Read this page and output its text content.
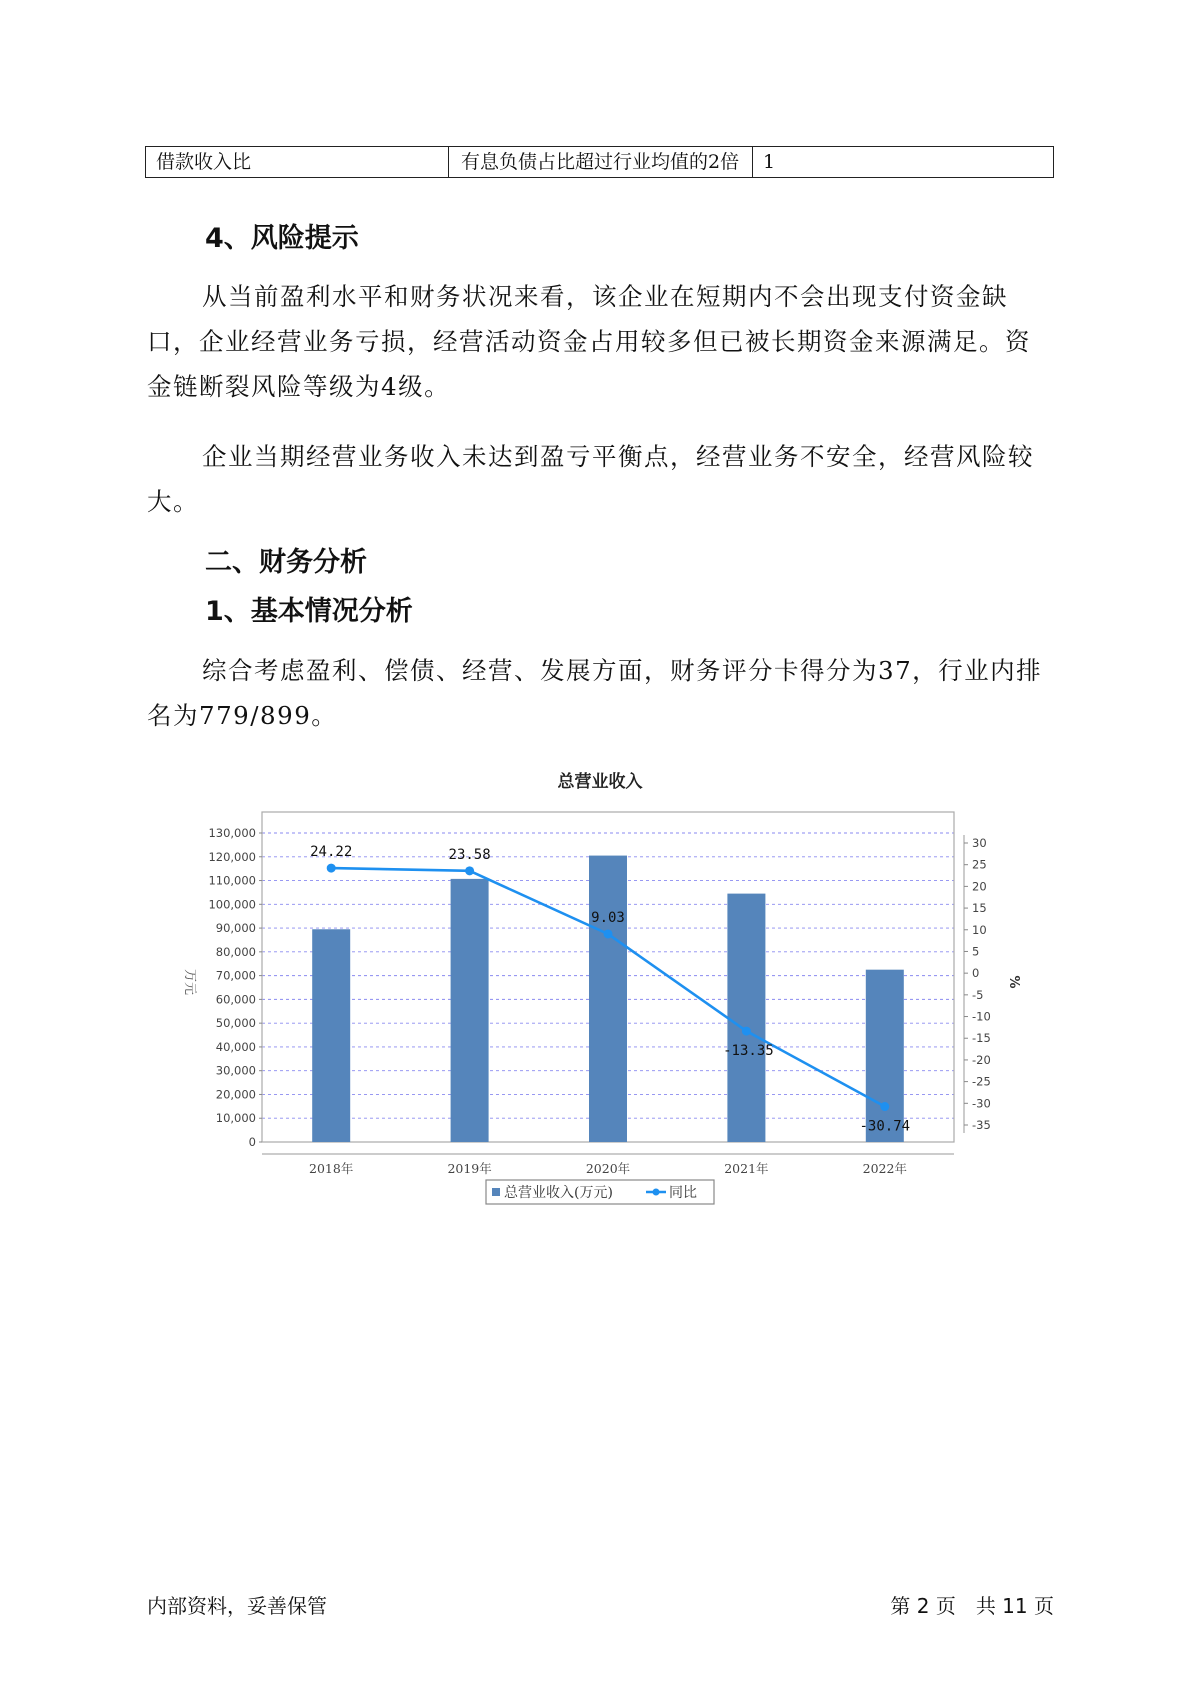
借款收入比	有息负债占比超过行业均值的2倍	1
4、风险提示

从当前盈利水平和财务状况来看，该企业在短期内不会出现支付资金缺口，企业经营业务亏损，经营活动资金占用较多但已被长期资金来源满足。资金链断裂风险等级为4级。

企业当期经营业务收入未达到盈亏平衡点，经营业务不安全，经营风险较大。

二、财务分析
1、基本情况分析

综合考虑盈利、偿债、经营、发展方面，财务评分卡得分为37，行业内排名为779/899。

总营业收入
24.22	23.58
9.03
-13.35
-30.74
0
10,000
20,000
30,000
40,000
50,000
60,000
70,000
80,000
90,000
100,000
110,000
120,000
130,000
-35
-30
-25
-20
-15
-10
-5
0
5
10
15
20
25
30
2018年	2019年	2020年	2021年	2022年
万元	%
总营业收入(万元)	同比
内部资料，妥善保管	第 2 页　共 11 页
